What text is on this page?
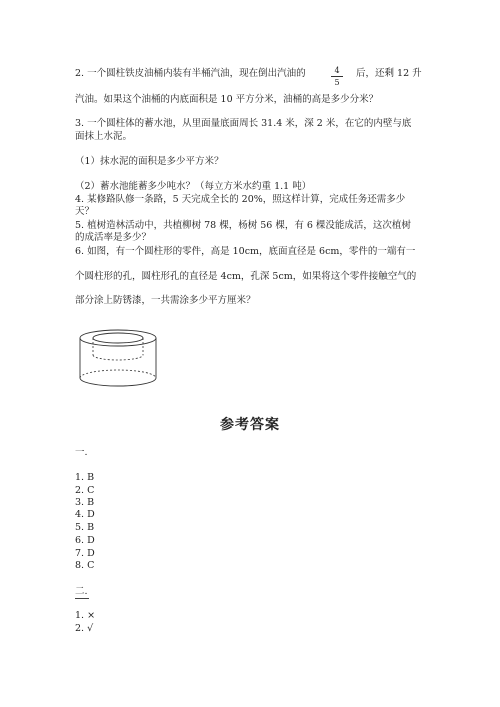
2. 一个圆柱铁皮油桶内装有半桶汽油，现在倒出汽油的	4
5
后，还剩 12 升
汽油。如果这个油桶的内底面积是 10 平方分米，油桶的高是多少分米？
3. 一个圆柱体的蓄水池，从里面量底面周长 31.4 米，深 2 米，在它的内壁与底
面抹上水泥。
（1）抹水泥的面积是多少平方米？
（2）蓄水池能蓄多少吨水？（每立方米水约重 1.1 吨）
4. 某修路队修一条路，5 天完成全长的 20%，照这样计算，完成任务还需多少
天？
5. 植树造林活动中，共植柳树 78 棵，杨树 56 棵，有 6 棵没能成活，这次植树
的成活率是多少？
6. 如图，有一个圆柱形的零件，高是 10cm，底面直径是 6cm，零件的一端有一
个圆柱形的孔，圆柱形孔的直径是 4cm，孔深 5cm，如果将这个零件接触空气的
部分涂上防锈漆，一共需涂多少平方厘米？
参考答案
一.
1. B
2. C
3. B
4. D
5. B
6. D
7. D
8. C
二.
1. ×
2. √
